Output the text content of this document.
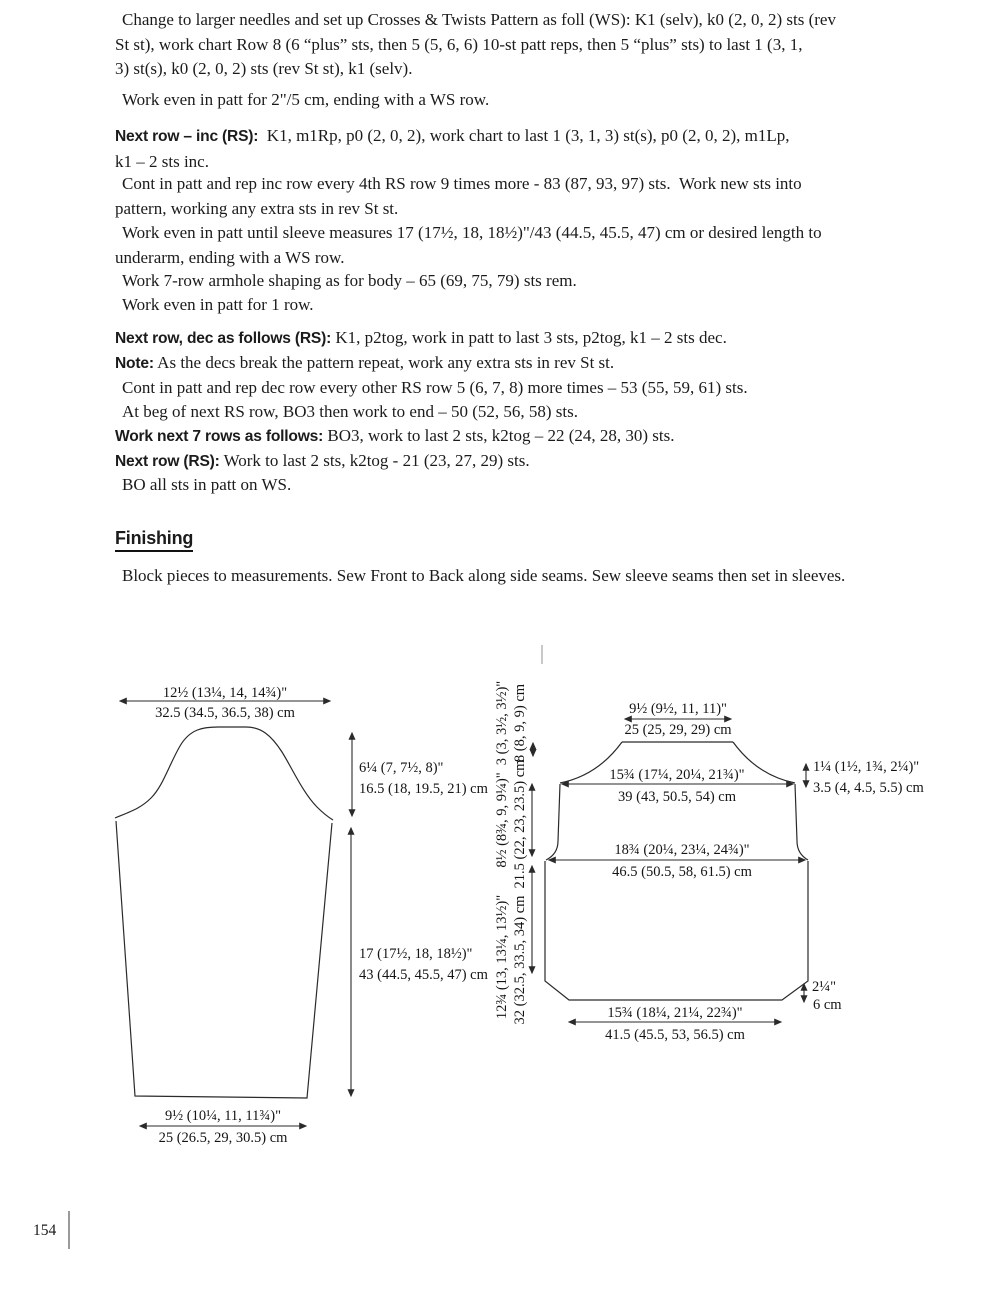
Change to larger needles and set up Crosses & Twists Pattern as foll (WS): K1 (selv), k0 (2, 0, 2) sts (rev
St st), work chart Row 8 (6 “plus” sts, then 5 (5, 6, 6) 10-st patt reps, then 5 “plus” sts) to last 1 (3, 1,
3) st(s), k0 (2, 0, 2) sts (rev St st), k1 (selv).
Work even in patt for 2"/5 cm, ending with a WS row.
Next row – inc (RS):  K1, m1Rp, p0 (2, 0, 2), work chart to last 1 (3, 1, 3) st(s), p0 (2, 0, 2), m1Lp,
k1 – 2 sts inc.
Cont in patt and rep inc row every 4th RS row 9 times more - 83 (87, 93, 97) sts.  Work new sts into
pattern, working any extra sts in rev St st.
Work even in patt until sleeve measures 17 (17½, 18, 18½)"/43 (44.5, 45.5, 47) cm or desired length to
underarm, ending with a WS row.
Work 7-row armhole shaping as for body – 65 (69, 75, 79) sts rem.
Work even in patt for 1 row.
Next row, dec as follows (RS): K1, p2tog, work in patt to last 3 sts, p2tog, k1 – 2 sts dec.
Note: As the decs break the pattern repeat, work any extra sts in rev St st.
Cont in patt and rep dec row every other RS row 5 (6, 7, 8) more times – 53 (55, 59, 61) sts.
At beg of next RS row, BO3 then work to end – 50 (52, 56, 58) sts.
Work next 7 rows as follows: BO3, work to last 2 sts, k2tog – 22 (24, 28, 30) sts.
Next row (RS): Work to last 2 sts, k2tog - 21 (23, 27, 29) sts.
BO all sts in patt on WS.
Finishing
Block pieces to measurements. Sew Front to Back along side seams. Sew sleeve seams then set in sleeves.
12½ (13¼, 14, 14¾)"
32.5 (34.5, 36.5, 38) cm
6¼ (7, 7½, 8)"
16.5 (18, 19.5, 21) cm
17 (17½, 18, 18½)"
43 (44.5, 45.5, 47) cm
9½ (10¼, 11, 11¾)"
25 (26.5, 29, 30.5) cm
3 (3, 3½, 3½)" 8 (8, 9, 9) cm
8½ (8¾, 9, 9¼)" 21.5 (22, 23, 23.5) cm
12¾ (13, 13¼, 13½)" 32 (32.5, 33.5, 34) cm
9½ (9½, 11, 11)"
25 (25, 29, 29) cm
15¾ (17¼, 20¼, 21¾)"
39 (43, 50.5, 54) cm
1¼ (1½, 1¾, 2¼)"
3.5 (4, 4.5, 5.5) cm
18¾ (20¼, 23¼, 24¾)"
46.5 (50.5, 58, 61.5) cm
2¼"
6 cm
15¾ (18¼, 21¼, 22¾)"
41.5 (45.5, 53, 56.5) cm
154
